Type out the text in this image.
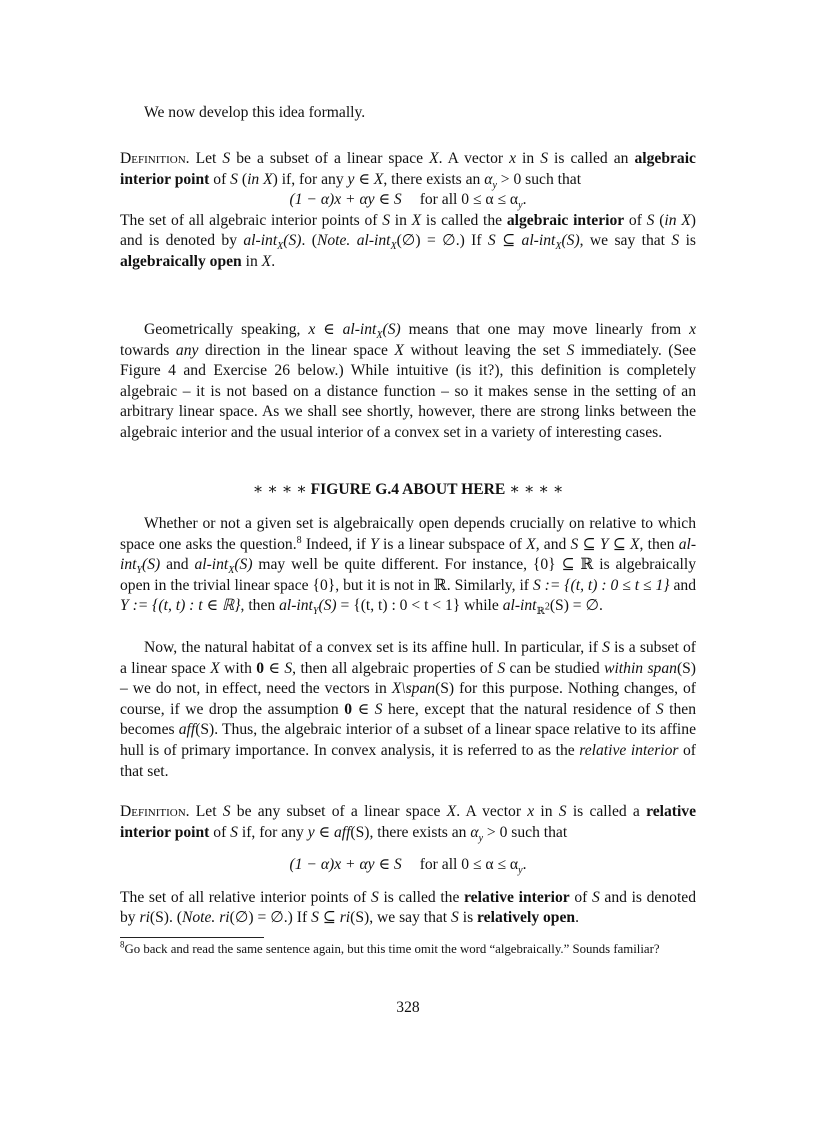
We now develop this idea formally.

Definition. Let S be a subset of a linear space X. A vector x in S is called an algebraic interior point of S (in X) if, for any y ∈ X, there exists an $\alpha_y > 0$ such that

(1 − α)x + αy ∈ S for all $0 \le \alpha \le \alpha_y$.

The set of all algebraic interior points of S in X is called the algebraic interior of S (in X) and is denoted by al-int$_X$(S). (Note. al-int$_X$(∅) = ∅.) If S ⊆ al-int$_X$(S), we say that S is algebraically open in X.

Geometrically speaking, x ∈ al-int$_X$(S) means that one may move linearly from x towards any direction in the linear space X without leaving the set S immediately. (See Figure 4 and Exercise 26 below.) While intuitive (is it?), this definition is completely algebraic – it is not based on a distance function – so it makes sense in the setting of an arbitrary linear space. As we shall see shortly, however, there are strong links between the algebraic interior and the usual interior of a convex set in a variety of interesting cases.
∗ ∗ ∗ ∗ FIGURE G.4 ABOUT HERE ∗ ∗ ∗ ∗
Whether or not a given set is algebraically open depends crucially on relative to which space one asks the question.$^8$ Indeed, if Y is a linear subspace of X, and S ⊆ Y ⊆ X, then al-int$_Y$(S) and al-int$_X$(S) may well be quite different. For instance, {0} ⊆ ℝ is algebraically open in the trivial linear space {0}, but it is not in ℝ. Similarly, if S := {(t, t) : 0 ≤ t ≤ 1} and Y := {(t, t) : t ∈ ℝ}, then al-int$_Y$(S) = {(t, t) : 0 < t < 1} while al-int$_{ℝ^2}$(S) = ∅.
Now, the natural habitat of a convex set is its affine hull. In particular, if S is a subset of a linear space X with 0 ∈ S, then all algebraic properties of S can be studied within span(S) – we do not, in effect, need the vectors in X\span(S) for this purpose. Nothing changes, of course, if we drop the assumption 0 ∈ S here, except that the natural residence of S then becomes aff(S). Thus, the algebraic interior of a subset of a linear space relative to its affine hull is of primary importance. In convex analysis, it is referred to as the relative interior of that set.

Definition. Let S be any subset of a linear space X. A vector x in S is called a relative interior point of S if, for any y ∈ aff(S), there exists an $\alpha_y > 0$ such that

(1 − α)x + αy ∈ S for all $0 \le \alpha \le \alpha_y$.

The set of all relative interior points of S is called the relative interior of S and is denoted by ri(S). (Note. ri(∅) = ∅.) If S ⊆ ri(S), we say that S is relatively open.

$^8$Go back and read the same sentence again, but this time omit the word “algebraically.” Sounds familiar?
328
